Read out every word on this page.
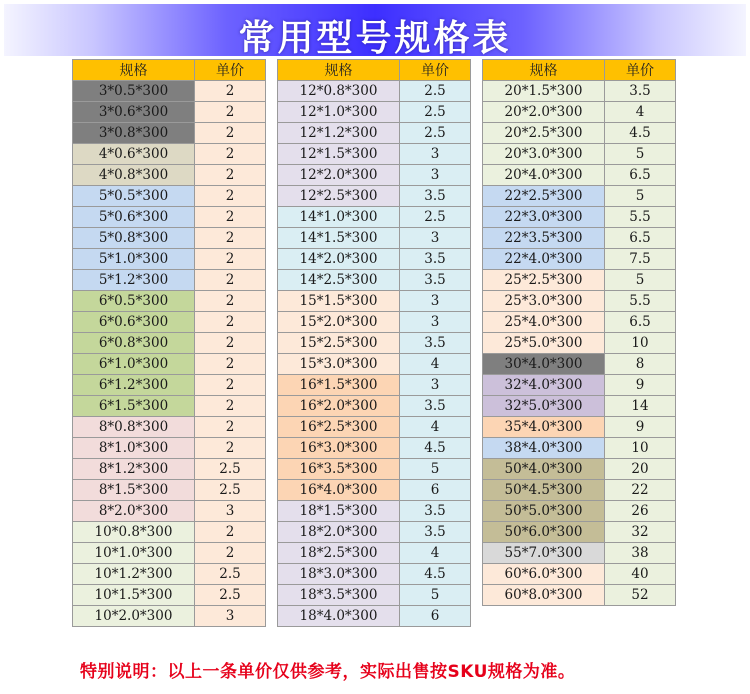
常用型号规格表
规格	单价
3*0.5*300	2
3*0.6*300	2
3*0.8*300	2
4*0.6*300	2
4*0.8*300	2
5*0.5*300	2
5*0.6*300	2
5*0.8*300	2
5*1.0*300	2
5*1.2*300	2
6*0.5*300	2
6*0.6*300	2
6*0.8*300	2
6*1.0*300	2
6*1.2*300	2
6*1.5*300	2
8*0.8*300	2
8*1.0*300	2
8*1.2*300	2.5
8*1.5*300	2.5
8*2.0*300	3
10*0.8*300	2
10*1.0*300	2
10*1.2*300	2.5
10*1.5*300	2.5
10*2.0*300	3
规格	单价
12*0.8*300	2.5
12*1.0*300	2.5
12*1.2*300	2.5
12*1.5*300	3
12*2.0*300	3
12*2.5*300	3.5
14*1.0*300	2.5
14*1.5*300	3
14*2.0*300	3.5
14*2.5*300	3.5
15*1.5*300	3
15*2.0*300	3
15*2.5*300	3.5
15*3.0*300	4
16*1.5*300	3
16*2.0*300	3.5
16*2.5*300	4
16*3.0*300	4.5
16*3.5*300	5
16*4.0*300	6
18*1.5*300	3.5
18*2.0*300	3.5
18*2.5*300	4
18*3.0*300	4.5
18*3.5*300	5
18*4.0*300	6
规格	单价
20*1.5*300	3.5
20*2.0*300	4
20*2.5*300	4.5
20*3.0*300	5
20*4.0*300	6.5
22*2.5*300	5
22*3.0*300	5.5
22*3.5*300	6.5
22*4.0*300	7.5
25*2.5*300	5
25*3.0*300	5.5
25*4.0*300	6.5
25*5.0*300	10
30*4.0*300	8
32*4.0*300	9
32*5.0*300	14
35*4.0*300	9
38*4.0*300	10
50*4.0*300	20
50*4.5*300	22
50*5.0*300	26
50*6.0*300	32
55*7.0*300	38
60*6.0*300	40
60*8.0*300	52

特别说明：以上一条单价仅供参考，实际出售按SKU规格为准。
